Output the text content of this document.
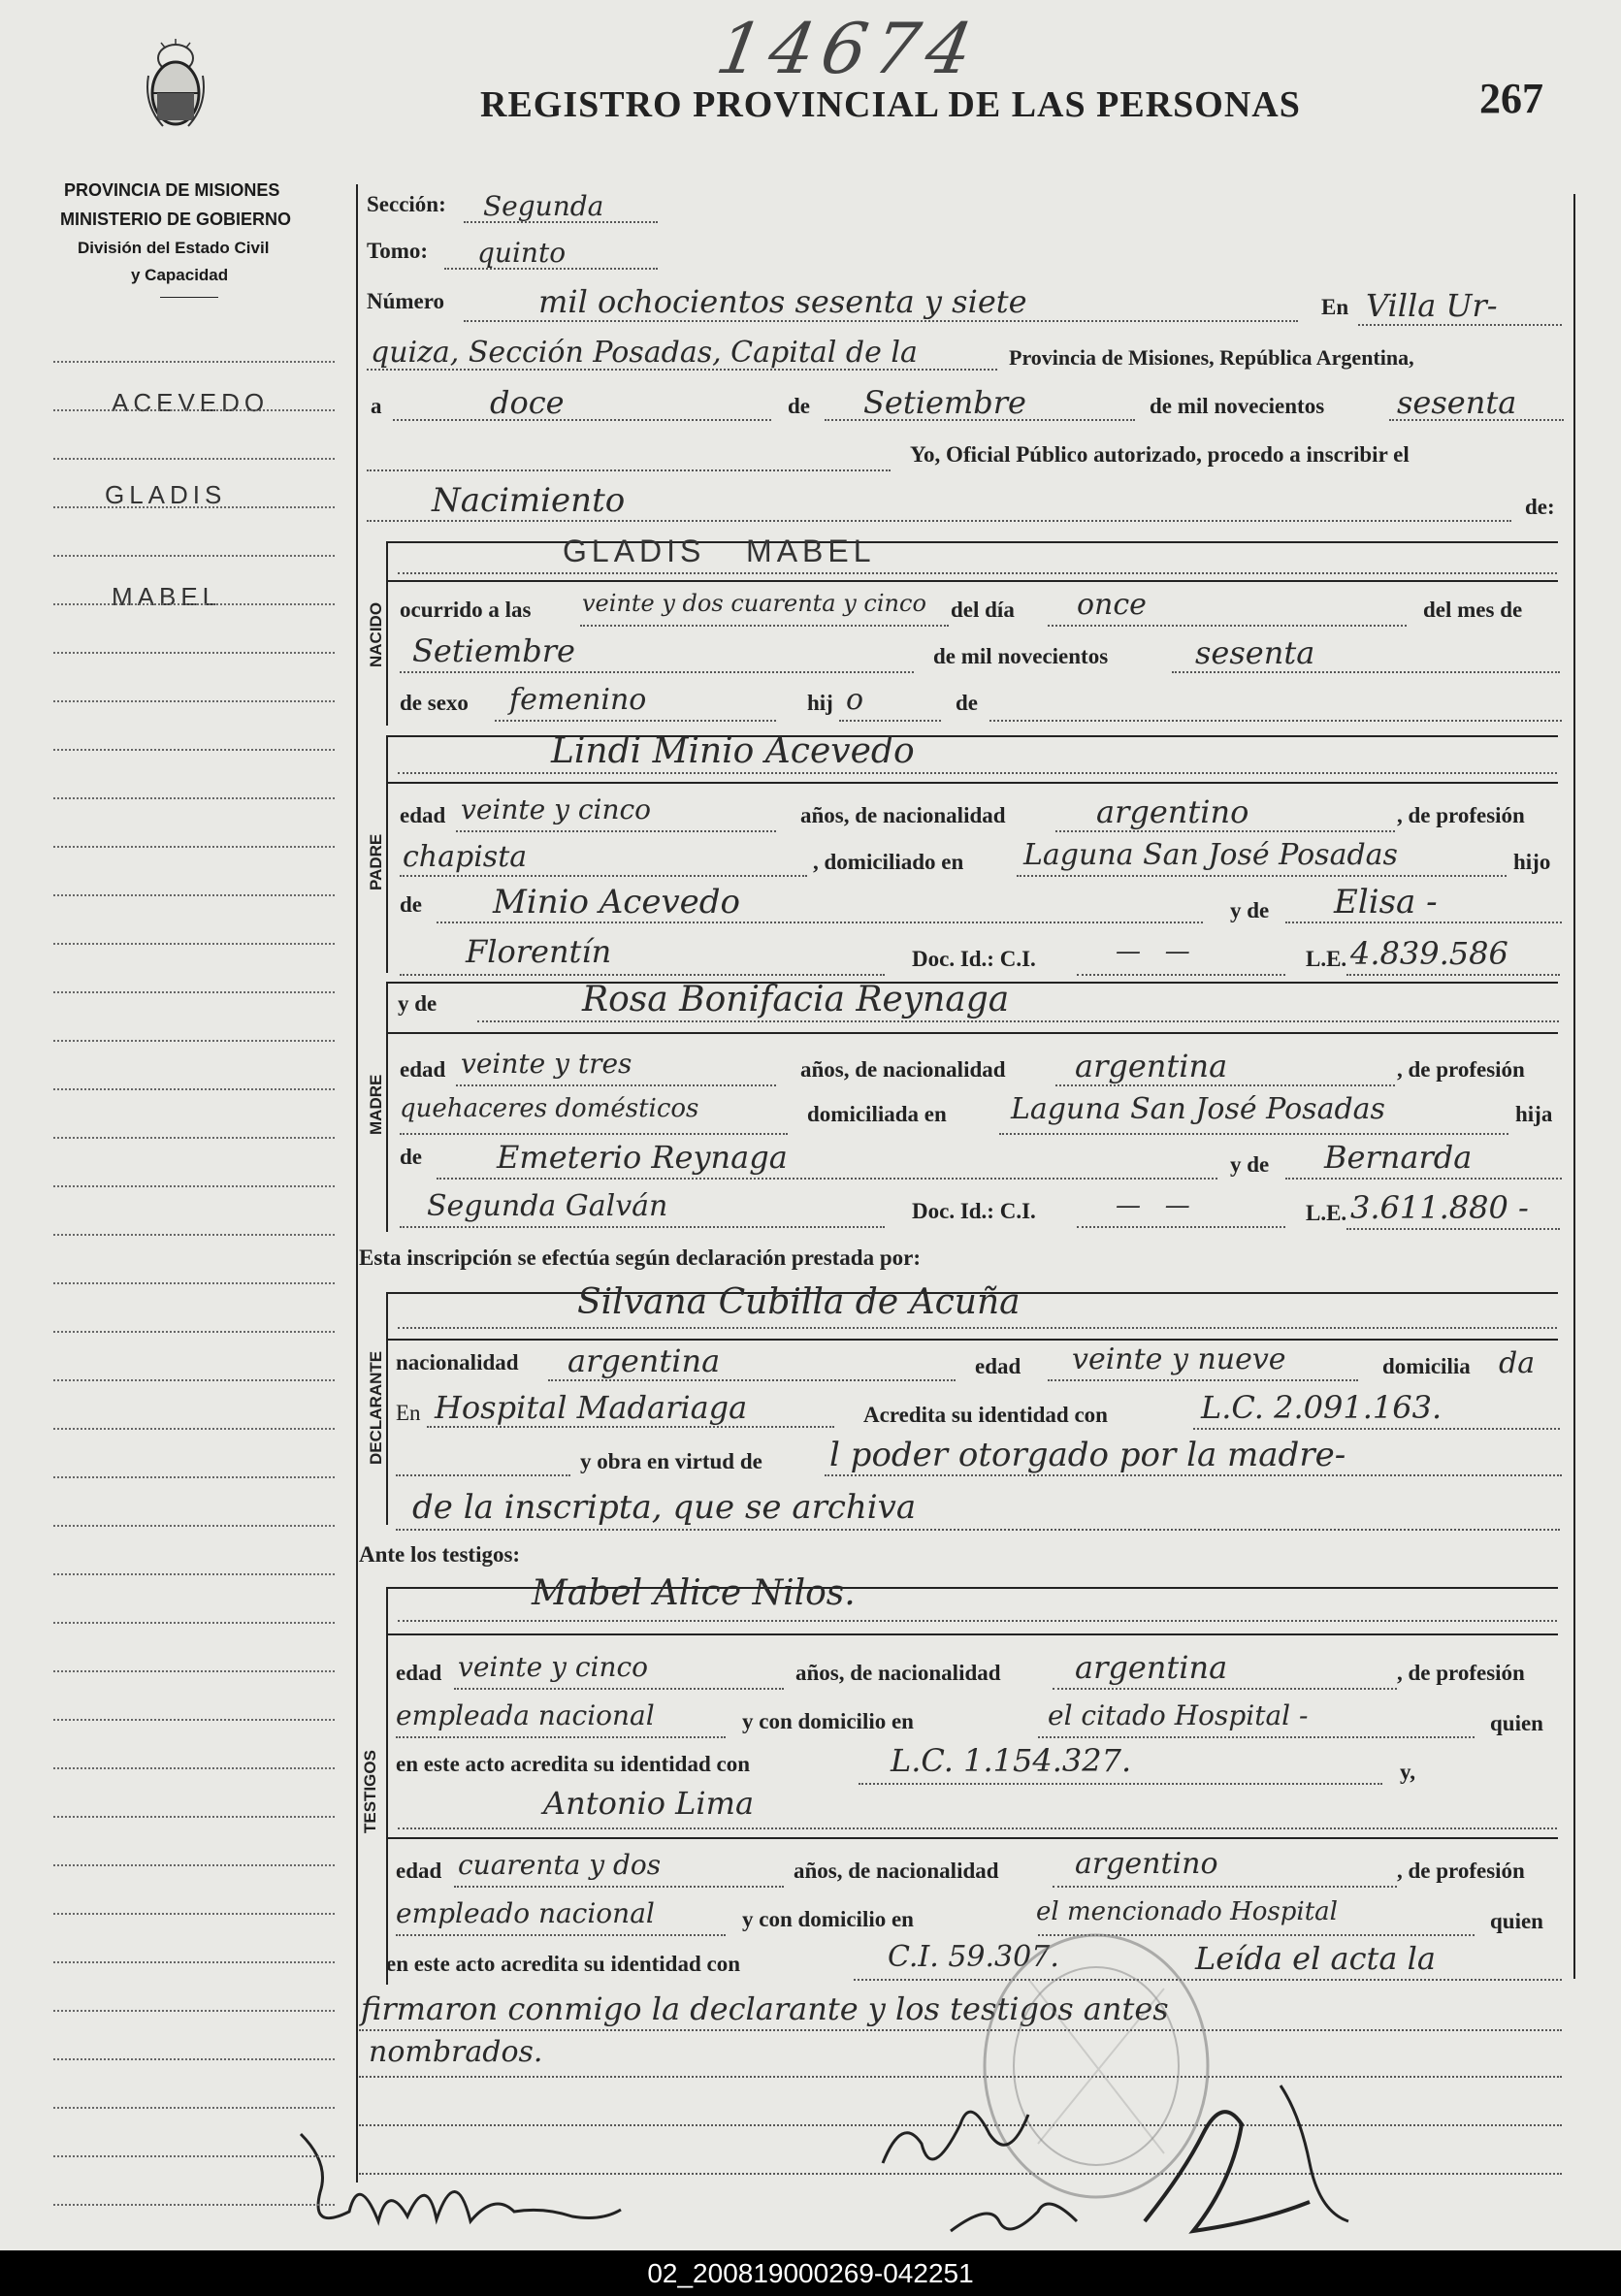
14674
REGISTRO PROVINCIAL DE LAS PERSONAS	267
PROVINCIA DE MISIONES
MINISTERIO DE GOBIERNO
División del Estado Civil
y Capacidad
ACEVEDO
GLADIS
MABEL
Sección: Segunda
Tomo: quinto
Número	mil ochocientos sesenta y siete	En Villa Ur-
quiza, Sección Posadas, Capital de la	Provincia de Misiones, República Argentina,
a	doce	de Setiembre	de mil novecientos sesenta
Yo, Oficial Público autorizado, procedo a inscribir el
Nacimiento	de:
NACIDO
GLADIS   MABEL
ocurrido a las veinte y dos cuarenta y cinco del día once	del mes de
Setiembre	de mil novecientos	sesenta
de sexo femenino	hij o	de
PADRE
Lindi Minio Acevedo
edad veinte y cinco	años, de nacionalidad	argentino	, de profesión
chapista	, domiciliado en Laguna San José Posadas	hijo
de Minio Acevedo	y de Elisa -
Florentín	Doc. Id.: C.I.	—   —	L.E. 4.839.586
MADRE
y de	Rosa Bonifacia Reynaga
edad veinte y tres	años, de nacionalidad argentina	, de profesión
quehaceres domésticos	domiciliada en Laguna San José Posadas	hija
de Emeterio Reynaga	y de Bernarda
Segunda Galván	Doc. Id.: C.I.	—   —	L.E. 3.611.880 -
Esta inscripción se efectúa según declaración prestada por:
DECLARANTE
Silvana Cubilla de Acuña
nacionalidad argentina	edad veinte y nueve	domicilia da
En Hospital Madariaga	Acredita su identidad con	L.C. 2.091.163.
y obra en virtud de l poder otorgado por la madre-
de la inscripta, que se archiva
Ante los testigos:
TESTIGOS
Mabel Alice Nilos.
edad veinte y cinco	años, de nacionalidad argentina	, de profesión
empleada nacional	y con domicilio en	el citado Hospital -	quien
en este acto acredita su identidad con	L.C. 1.154.327.	y,
Antonio Lima
edad cuarenta y dos	años, de nacionalidad	argentino	, de profesión
empleado nacional	y con domicilio en	el mencionado Hospital	quien
en este acto acredita su identidad con	C.I. 59.307.	Leída el acta la
firmaron conmigo la declarante y los testigos antes
nombrados.
02_200819000269-042251
